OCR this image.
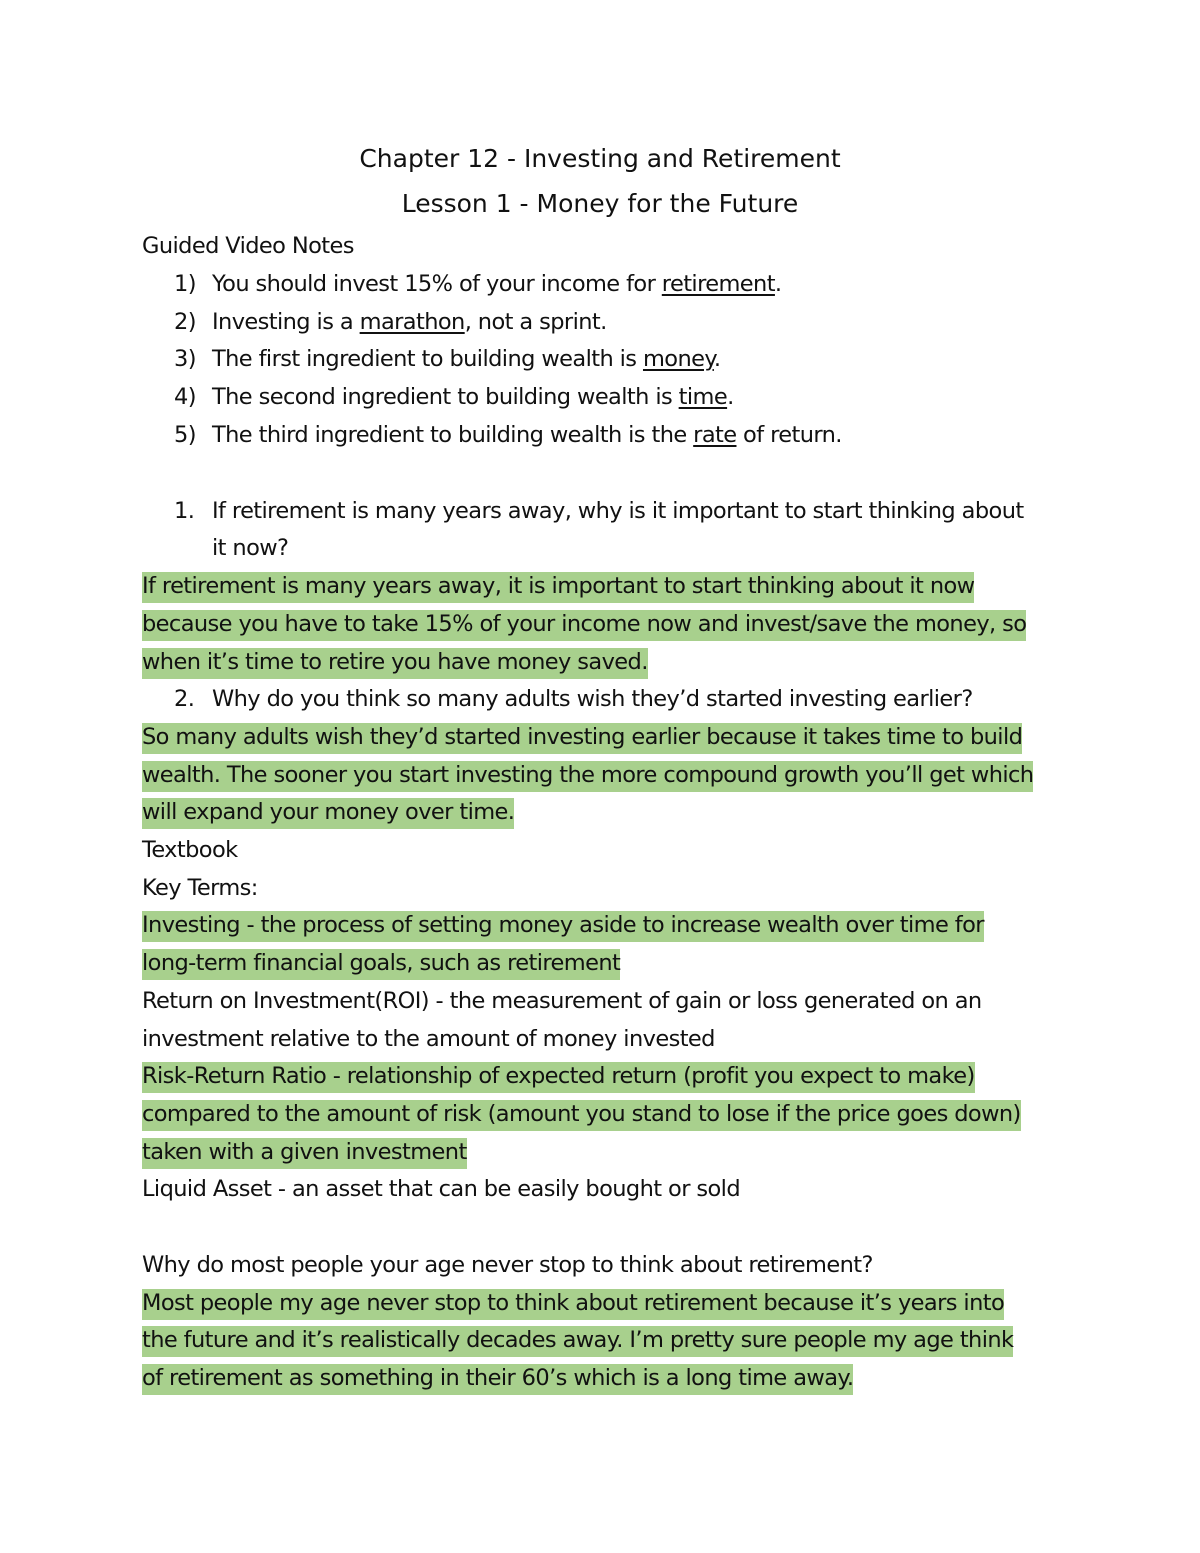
Chapter 12 - Investing and Retirement
Lesson 1 - Money for the Future
Guided Video Notes
1) You should invest 15% of your income for retirement.
2) Investing is a marathon, not a sprint.
3) The first ingredient to building wealth is money.
4) The second ingredient to building wealth is time.
5) The third ingredient to building wealth is the rate of return.
1. If retirement is many years away, why is it important to start thinking about
it now?
If retirement is many years away, it is important to start thinking about it now
because you have to take 15% of your income now and invest/save the money, so
when it’s time to retire you have money saved.
2. Why do you think so many adults wish they’d started investing earlier?
So many adults wish they’d started investing earlier because it takes time to build
wealth. The sooner you start investing the more compound growth you’ll get which
will expand your money over time.
Textbook
Key Terms:
Investing - the process of setting money aside to increase wealth over time for
long-term financial goals, such as retirement
Return on Investment(ROI) - the measurement of gain or loss generated on an
investment relative to the amount of money invested
Risk-Return Ratio - relationship of expected return (profit you expect to make)
compared to the amount of risk (amount you stand to lose if the price goes down)
taken with a given investment
Liquid Asset - an asset that can be easily bought or sold
Why do most people your age never stop to think about retirement?
Most people my age never stop to think about retirement because it’s years into
the future and it’s realistically decades away. I’m pretty sure people my age think
of retirement as something in their 60’s which is a long time away.
